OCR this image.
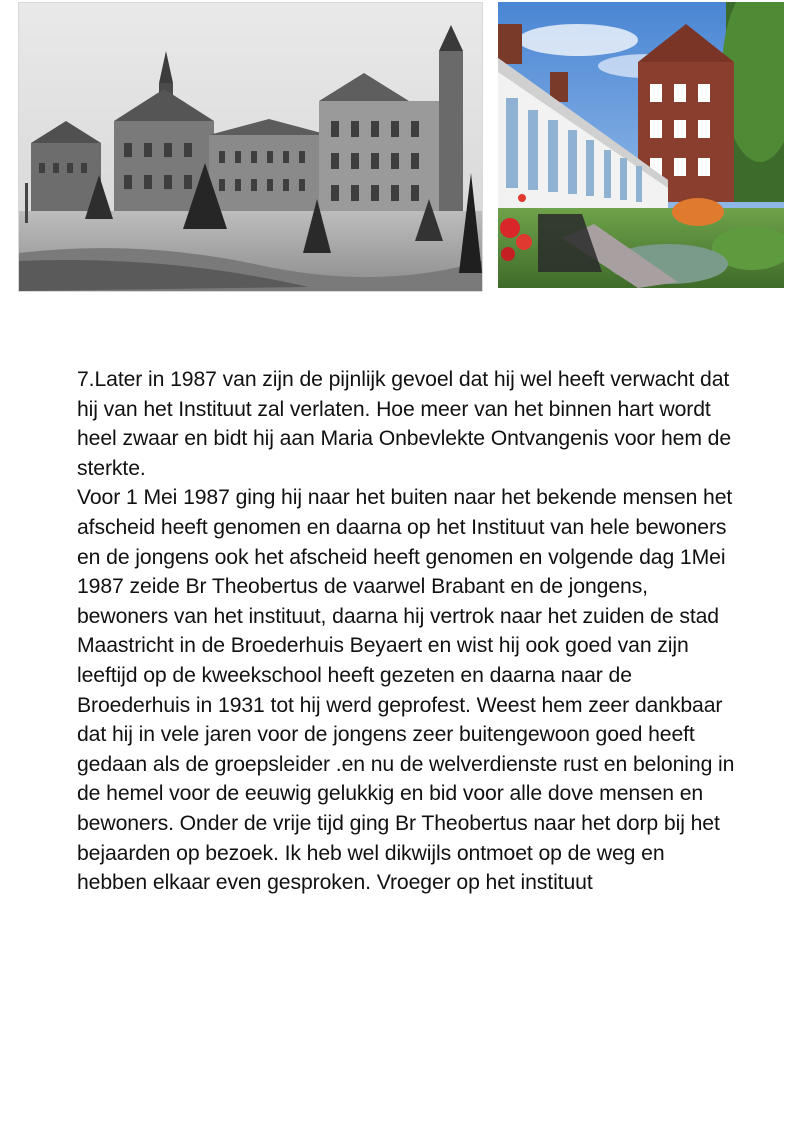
7.Later in 1987 van zijn de pijnlijk gevoel dat hij wel heeft verwacht dat hij van het Instituut zal verlaten. Hoe meer van het binnen hart wordt heel zwaar en bidt hij aan Maria Onbevlekte Ontvangenis voor hem de sterkte.

Voor 1 Mei 1987 ging hij naar het buiten naar het bekende mensen het afscheid heeft genomen en daarna op het Instituut van hele bewoners en de jongens ook het afscheid heeft genomen en volgende dag 1Mei 1987 zeide Br Theobertus de vaarwel Brabant en de jongens, bewoners van het instituut, daarna hij vertrok naar het zuiden de stad Maastricht in de Broederhuis Beyaert en wist hij ook goed van zijn leeftijd op de kweekschool heeft gezeten en daarna naar de Broederhuis in 1931 tot hij werd geprofest. Weest hem zeer dankbaar dat hij in vele jaren voor de jongens zeer buitengewoon goed heeft gedaan als de groepsleider .en nu de welverdienste rust en beloning in de hemel voor de eeuwig gelukkig en bid voor alle dove mensen en bewoners. Onder de vrije tijd ging Br Theobertus naar het dorp bij het bejaarden op bezoek. Ik heb wel dikwijls ontmoet op de weg en hebben elkaar even gesproken. Vroeger op het instituut
